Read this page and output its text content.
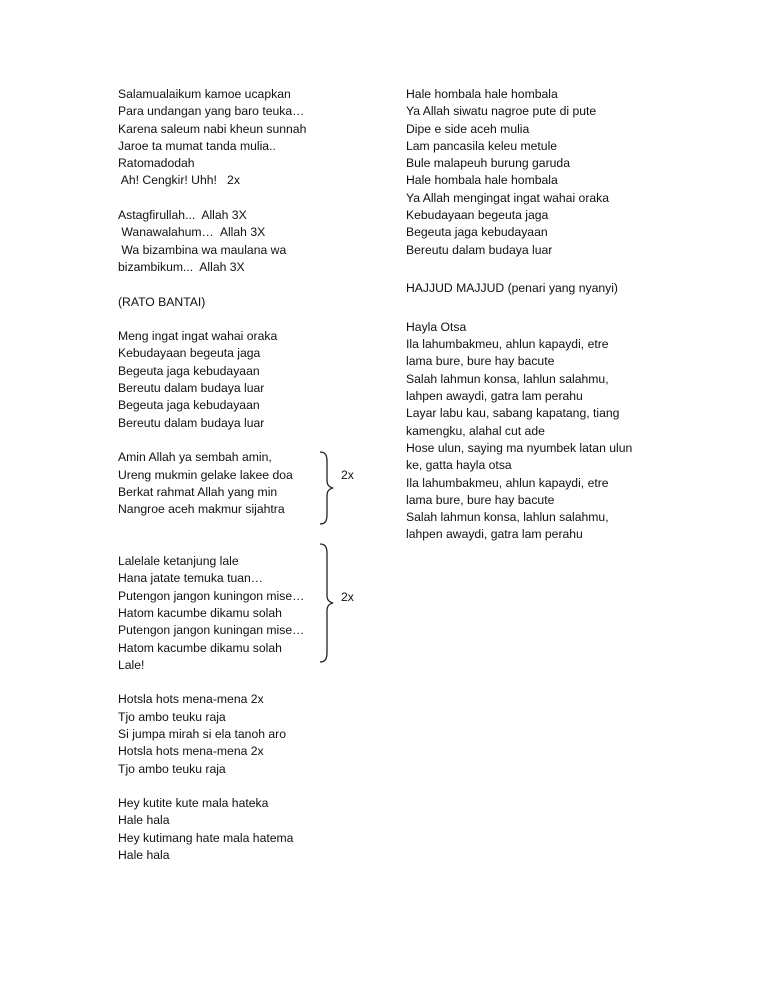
Salamualaikum kamoe ucapkan
Para undangan yang baro teuka…
Karena saleum nabi kheun sunnah
Jaroe ta mumat tanda mulia..
Ratomadodah
Ah! Cengkir! Uhh!   2x
Astagfirullah...  Allah 3X
Wanawalahum…  Allah 3X
Wa bizambina wa maulana wa
bizambikum...  Allah 3X
(RATO BANTAI)
Meng ingat ingat wahai oraka
Kebudayaan begeuta jaga
Begeuta jaga kebudayaan
Bereutu dalam budaya luar
Begeuta jaga kebudayaan
Bereutu dalam budaya luar
Amin Allah ya sembah amin,
Ureng mukmin gelake lakee doa
Berkat rahmat Allah yang min
Nangroe aceh makmur sijahtra
Lalelale ketanjung lale
Hana jatate temuka tuan…
Putengon jangon kuningon mise…
Hatom kacumbe dikamu solah
Putengon jangon kuningan mise…
Hatom kacumbe dikamu solah
Lale!
Hotsla hots mena-mena 2x
Tjo ambo teuku raja
Si jumpa mirah si ela tanoh aro
Hotsla hots mena-mena 2x
Tjo ambo teuku raja
Hey kutite kute mala hateka
Hale hala
Hey kutimang hate mala hatema
Hale hala
Hale hombala hale hombala
Ya Allah siwatu nagroe pute di pute
Dipe e side aceh mulia
Lam pancasila keleu metule
Bule malapeuh burung garuda
Hale hombala hale hombala
Ya Allah mengingat ingat wahai oraka
Kebudayaan begeuta jaga
Begeuta jaga kebudayaan
Bereutu dalam budaya luar
HAJJUD MAJJUD (penari yang nyanyi)
Hayla Otsa
Ila lahumbakmeu, ahlun kapaydi, etre
lama bure, bure hay bacute
Salah lahmun konsa, lahlun salahmu,
lahpen awaydi, gatra lam perahu
Layar labu kau, sabang kapatang, tiang
kamengku, alahal cut ade
Hose ulun, saying ma nyumbek latan ulun
ke, gatta hayla otsa
Ila lahumbakmeu, ahlun kapaydi, etre
lama bure, bure hay bacute
Salah lahmun konsa, lahlun salahmu,
lahpen awaydi, gatra lam perahu
2x
2x
